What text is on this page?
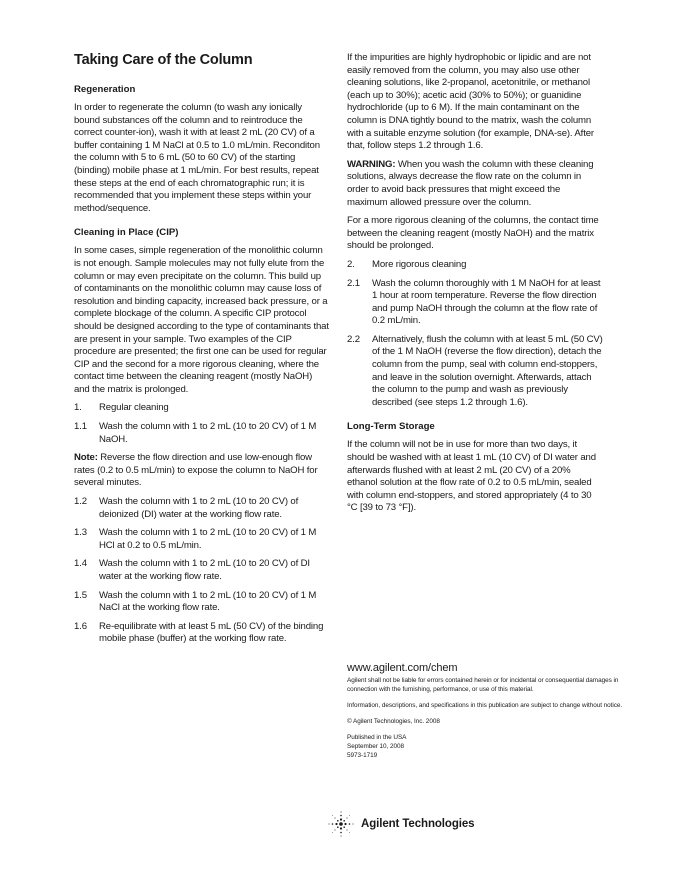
Taking Care of the Column
Regeneration

In order to regenerate the column (to wash any ionically bound substances off the column and to reintroduce the correct counter-ion), wash it with at least 2 mL (20 CV) of a buffer containing 1 M NaCl at 0.5 to 1.0 mL/min. Reconditon the column with 5 to 6 mL (50 to 60 CV) of the starting (binding) mobile phase at 1 mL/min. For best results, repeat these steps at the end of each chromatographic run; it is recommended that you implement these steps within your method/sequence.

Cleaning in Place (CIP)

In some cases, simple regeneration of the monolithic column is not enough. Sample molecules may not fully elute from the column or may even precipitate on the column. This build up of contaminants on the monolithic column may cause loss of resolution and binding capacity, increased back pressure, or a complete blockage of the column. A specific CIP protocol should be designed according to the type of contaminants that are present in your sample. Two examples of the CIP procedure are presented; the first one can be used for regular CIP and the second for a more rigorous cleaning, where the contact time between the cleaning reagent (mostly NaOH) and the matrix is prolonged.

1.	Regular cleaning
1.1	Wash the column with 1 to 2 mL (10 to 20 CV) of 1 M NaOH.

Note: Reverse the flow direction and use low-enough flow rates (0.2 to 0.5 mL/min) to expose the column to NaOH for several minutes.

1.2	Wash the column with 1 to 2 mL (10 to 20 CV) of deionized (DI) water at the working flow rate.
1.3	Wash the column with 1 to 2 mL (10 to 20 CV) of 1 M HCl at 0.2 to 0.5 mL/min.
1.4	Wash the column with 1 to 2 mL (10 to 20 CV) of DI water at the working flow rate.
1.5	Wash the column with 1 to 2 mL (10 to 20 CV) of 1 M NaCl at the working flow rate.
1.6	Re-equilibrate with at least 5 mL (50 CV) of the binding mobile phase (buffer) at the working flow rate.

If the impurities are highly hydrophobic or lipidic and are not easily removed from the column, you may also use other cleaning solutions, like 2-propanol, acetonitrile, or methanol (each up to 30%); acetic acid (30% to 50%); or guanidine hydrochloride (up to 6 M). If the main contaminant on the column is DNA tightly bound to the matrix, wash the column with a suitable enzyme solution (for example, DNA-se). After that, follow steps 1.2 through 1.6.

WARNING: When you wash the column with these cleaning solutions, always decrease the flow rate on the column in order to avoid back pressures that might exceed the maximum allowed pressure over the column.

For a more rigorous cleaning of the columns, the contact time between the cleaning reagent (mostly NaOH) and the matrix should be prolonged.

2.	More rigorous cleaning
2.1	Wash the column thoroughly with 1 M NaOH for at least 1 hour at room temperature. Reverse the flow direction and pump NaOH through the column at the flow rate of 0.2 mL/min.
2.2	Alternatively, flush the column with at least 5 mL (50 CV) of the 1 M NaOH (reverse the flow direction), detach the column from the pump, seal with column end-stoppers, and leave in the solution overnight. Afterwards, attach the column to the pump and wash as previously described (see steps 1.2 through 1.6).
Long-Term Storage

If the column will not be in use for more than two days, it should be washed with at least 1 mL (10 CV) of DI water and afterwards flushed with at least 2 mL (20 CV) of a 20% ethanol solution at the flow rate of 0.2 to 0.5 mL/min, sealed with column end-stoppers, and stored appropriately (4 to 30 °C [39 to 73 °F]).

www.agilent.com/chem

Agilent shall not be liable for errors contained herein or for incidental or consequential damages in connection with the furnishing, performance, or use of this material.

Information, descriptions, and specifications in this publication are subject to change without notice.

© Agilent Technologies, Inc. 2008

Published in the USA

September 10, 2008

5973-1719

Agilent Technologies
